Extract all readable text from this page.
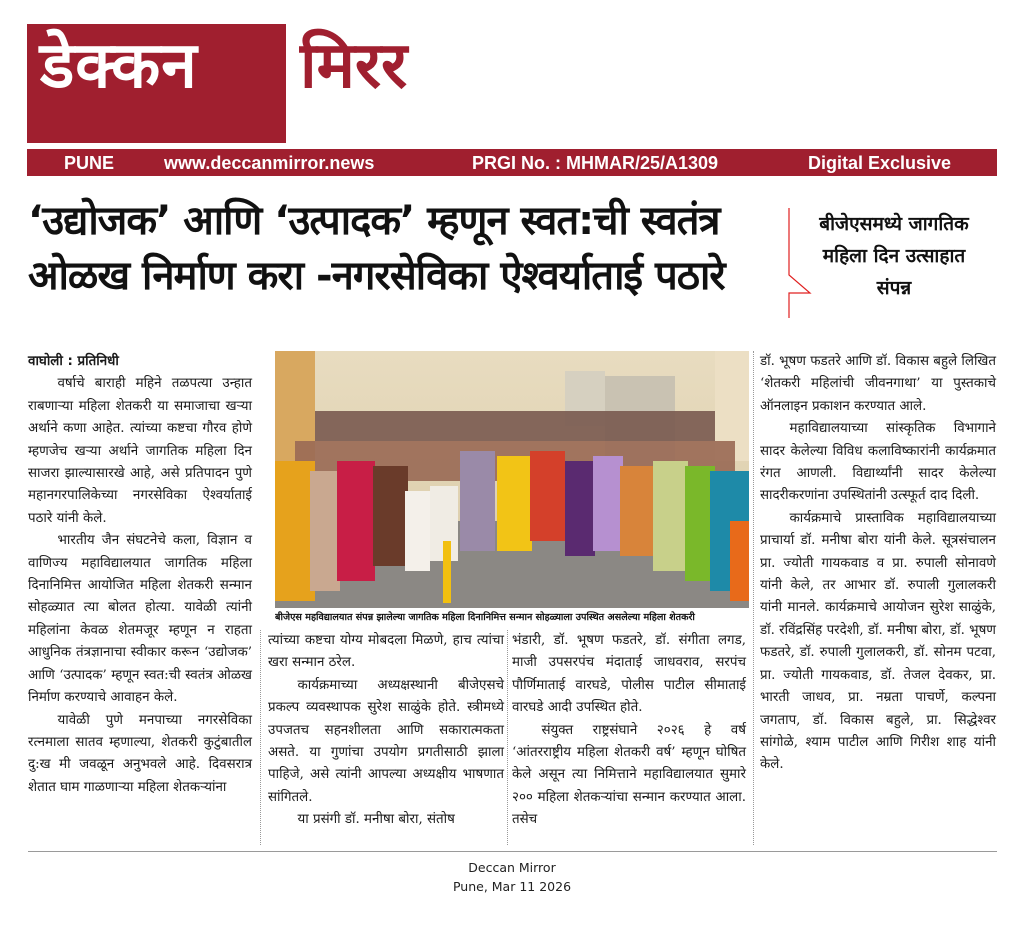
डेक्कन मिरर
PUNE	www.deccanmirror.news	PRGI No. : MHMAR/25/A1309	Digital Exclusive
‘उद्योजक’ आणि ‘उत्पादक’ म्हणून स्वत:ची स्वतंत्र
ओळख निर्माण करा -नगरसेविका ऐश्वर्याताई पठारे
बीजेएसमध्ये जागतिक
महिला दिन उत्साहात
संपन्न

वाघोली : प्रतिनिधी

वर्षाचे बाराही महिने तळपत्या उन्हात राबणाऱ्या महिला शेतकरी या समाजाचा खऱ्या अर्थाने कणा आहेत. त्यांच्या कष्टचा गौरव होणे म्हणजेच खऱ्या अर्थाने जागतिक महिला दिन साजरा झाल्यासारखे आहे, असे प्रतिपादन पुणे महानगरपालिकेच्या नगरसेविका ऐश्वर्याताई पठारे यांनी केले.

भारतीय जैन संघटनेचे कला, विज्ञान व वाणिज्य महाविद्यालयात जागतिक महिला दिनानिमित्त आयोजित महिला शेतकरी सन्मान सोहळ्यात त्या बोलत होत्या. यावेळी त्यांनी महिलांना केवळ शेतमजूर म्हणून न राहता आधुनिक तंत्रज्ञानाचा स्वीकार करून ‘उद्योजक’ आणि ‘उत्पादक’ म्हणून स्वत:ची स्वतंत्र ओळख निर्माण करण्याचे आवाहन केले.

यावेळी पुणे मनपाच्या नगरसेविका रत्नमाला सातव म्हणाल्या, शेतकरी कुटुंबातील दु:ख मी जवळून अनुभवले आहे. दिवसरात्र शेतात घाम गाळणाऱ्या महिला शेतकऱ्यांना

बीजेएस महविद्यालयात संपन्न झालेल्या जागतिक महिला दिनानिमित्त सन्मान सोहळ्याला उपस्थित असलेल्या महिला शेतकरी

त्यांच्या कष्टचा योग्य मोबदला मिळणे, हाच त्यांचा खरा सन्मान ठरेल.

कार्यक्रमाच्या अध्यक्षस्थानी बीजेएसचे प्रकल्प व्यवस्थापक सुरेश साळुंके होते. स्त्रीमध्ये उपजतच सहनशीलता आणि सकारात्मकता असते. या गुणांचा उपयोग प्रगतीसाठी झाला पाहिजे, असे त्यांनी आपल्या अध्यक्षीय भाषणात सांगितले.

या प्रसंगी डॉ. मनीषा बोरा, संतोष

भंडारी, डॉ. भूषण फडतरे, डॉ. संगीता लगड, माजी उपसरपंच मंदाताई जाधवराव, सरपंच पौर्णिमाताई वारघडे, पोलीस पाटील सीमाताई वारघडे आदी उपस्थित होते.

संयुक्त राष्ट्रसंघाने २०२६ हे वर्ष ‘आंतरराष्ट्रीय महिला शेतकरी वर्ष’ म्हणून घोषित केले असून त्या निमित्ताने महाविद्यालयात सुमारे २०० महिला शेतकऱ्यांचा सन्मान करण्यात आला. तसेच

डॉ. भूषण फडतरे आणि डॉ. विकास बहुले लिखित ‘शेतकरी महिलांची जीवनगाथा’ या पुस्तकाचे ऑनलाइन प्रकाशन करण्यात आले.

महाविद्यालयाच्या सांस्कृतिक विभागाने सादर केलेल्या विविध कलाविष्कारांनी कार्यक्रमात रंगत आणली. विद्यार्थ्यांनी सादर केलेल्या सादरीकरणांना उपस्थितांनी उत्स्फूर्त दाद दिली.

कार्यक्रमाचे प्रास्ताविक महाविद्यालयाच्या प्राचार्या डॉ. मनीषा बोरा यांनी केले. सूत्रसंचालन प्रा. ज्योती गायकवाड व प्रा. रुपाली सोनावणे यांनी केले, तर आभार डॉ. रुपाली गुलालकरी यांनी मानले. कार्यक्रमाचे आयोजन सुरेश साळुंके, डॉ. रविंद्रसिंह परदेशी, डॉ. मनीषा बोरा, डॉ. भूषण फडतरे, डॉ. रुपाली गुलालकरी, डॉ. सोनम पटवा, प्रा. ज्योती गायकवाड, डॉ. तेजल देवकर, प्रा. भारती जाधव, प्रा. नम्रता पाचर्णे, कल्पना जगताप, डॉ. विकास बहुले, प्रा. सिद्धेश्वर सांगोळे, श्याम पाटील आणि गिरीश शाह यांनी केले.

Deccan Mirror
Pune, Mar 11 2026
